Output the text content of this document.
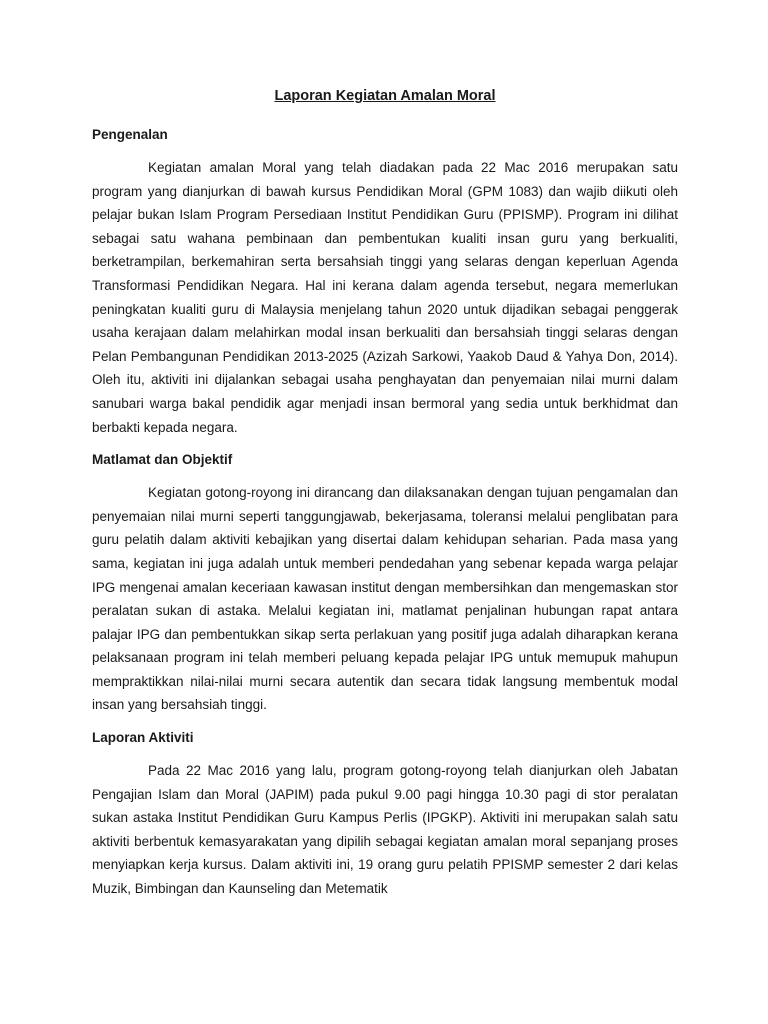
Laporan Kegiatan Amalan Moral
Pengenalan

Kegiatan amalan Moral yang telah diadakan pada 22 Mac 2016 merupakan satu program yang dianjurkan di bawah kursus Pendidikan Moral (GPM 1083) dan wajib diikuti oleh pelajar bukan Islam Program Persediaan Institut Pendidikan Guru (PPISMP). Program ini dilihat sebagai satu wahana pembinaan dan pembentukan kualiti insan guru yang berkualiti, berketrampilan, berkemahiran serta bersahsiah tinggi yang selaras dengan keperluan Agenda Transformasi Pendidikan Negara. Hal ini kerana dalam agenda tersebut, negara memerlukan peningkatan kualiti guru di Malaysia menjelang tahun 2020 untuk dijadikan sebagai penggerak usaha kerajaan dalam melahirkan modal insan berkualiti dan bersahsiah tinggi selaras dengan Pelan Pembangunan Pendidikan 2013-2025 (Azizah Sarkowi, Yaakob Daud & Yahya Don, 2014). Oleh itu, aktiviti ini dijalankan sebagai usaha penghayatan dan penyemaian nilai murni dalam sanubari warga bakal pendidik agar menjadi insan bermoral yang sedia untuk berkhidmat dan berbakti kepada negara.

Matlamat dan Objektif

Kegiatan gotong-royong ini dirancang dan dilaksanakan dengan tujuan pengamalan dan penyemaian nilai murni seperti tanggungjawab, bekerjasama, toleransi melalui penglibatan para guru pelatih dalam aktiviti kebajikan yang disertai dalam kehidupan seharian. Pada masa yang sama, kegiatan ini juga adalah untuk memberi pendedahan yang sebenar kepada warga pelajar IPG mengenai amalan keceriaan kawasan institut dengan membersihkan dan mengemaskan stor peralatan sukan di astaka. Melalui kegiatan ini, matlamat penjalinan hubungan rapat antara palajar IPG dan pembentukkan sikap serta perlakuan yang positif juga adalah diharapkan kerana pelaksanaan program ini telah memberi peluang kepada pelajar IPG untuk memupuk mahupun mempraktikkan nilai-nilai murni secara autentik dan secara tidak langsung membentuk modal insan yang bersahsiah tinggi.

Laporan Aktiviti

Pada 22 Mac 2016 yang lalu, program gotong-royong telah dianjurkan oleh Jabatan Pengajian Islam dan Moral (JAPIM) pada pukul 9.00 pagi hingga 10.30 pagi di stor peralatan sukan astaka Institut Pendidikan Guru Kampus Perlis (IPGKP). Aktiviti ini merupakan salah satu aktiviti berbentuk kemasyarakatan yang dipilih sebagai kegiatan amalan moral sepanjang proses menyiapkan kerja kursus. Dalam aktiviti ini, 19 orang guru pelatih PPISMP semester 2 dari kelas Muzik, Bimbingan dan Kaunseling dan Metematik
